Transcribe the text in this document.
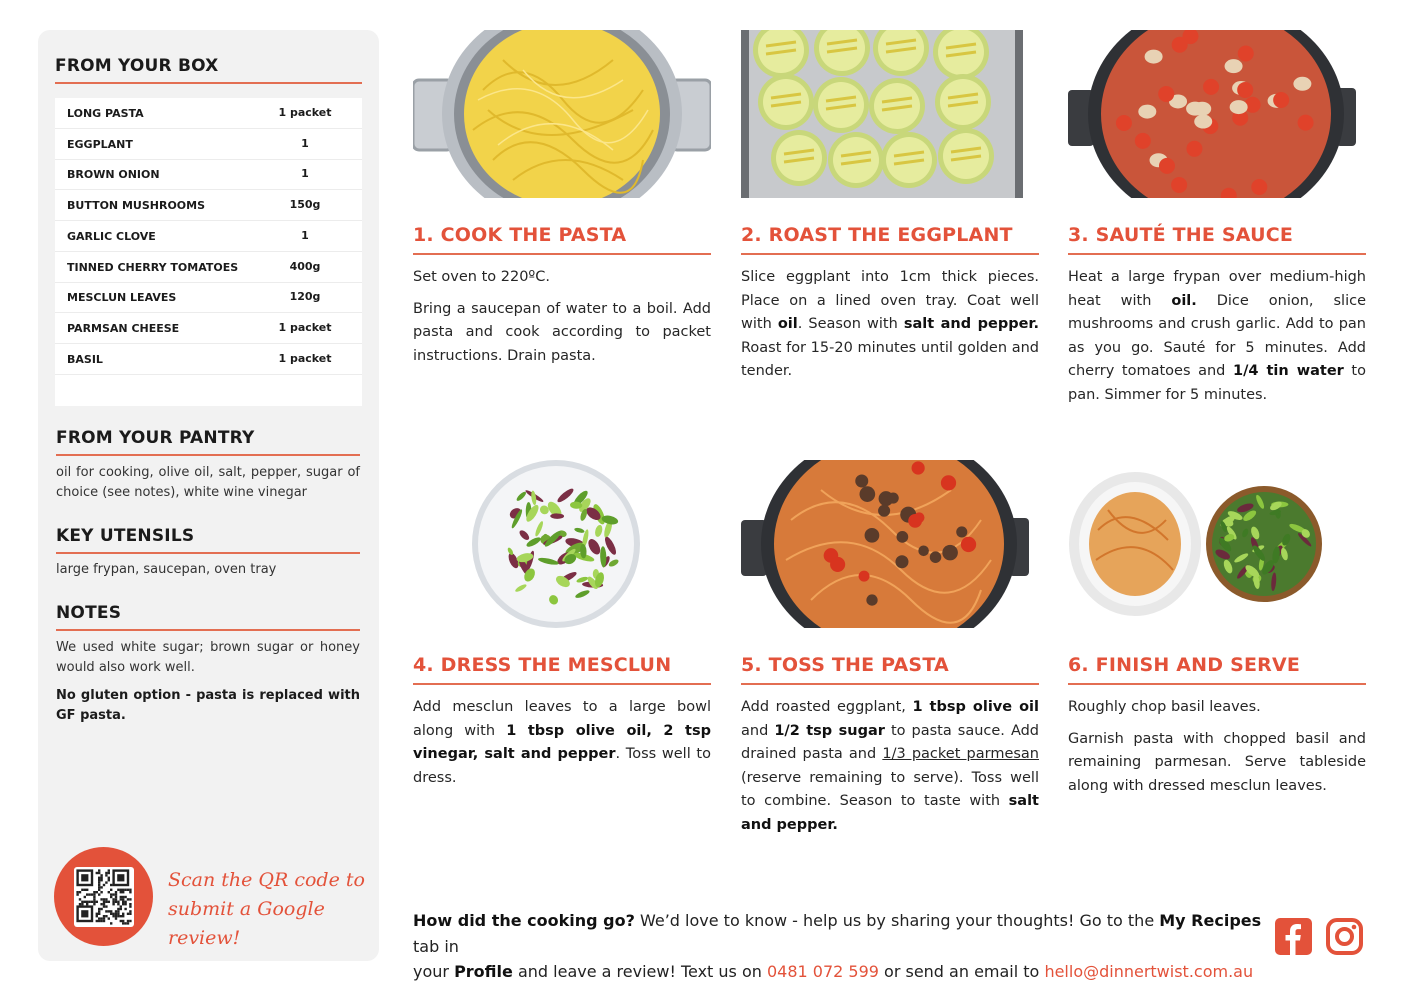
FROM YOUR BOX
LONG PASTA	1 packet
EGGPLANT	1
BROWN ONION	1
BUTTON MUSHROOMS	150g
GARLIC CLOVE	1
TINNED CHERRY TOMATOES	400g
MESCLUN LEAVES	120g
PARMSAN CHEESE	1 packet
BASIL	1 packet
FROM YOUR PANTRY
oil for cooking, olive oil, salt, pepper, sugar of choice (see notes), white wine vinegar
KEY UTENSILS
large frypan, saucepan, oven tray
NOTES
We used white sugar; brown sugar or honey would also work well.
No gluten option - pasta is replaced with GF pasta.
Scan the QR code to
submit a Google review!
1. COOK THE PASTA

Set oven to 220ºC.

Bring a saucepan of water to a boil. Add pasta and cook according to packet instructions. Drain pasta.

2. ROAST THE EGGPLANT

Slice eggplant into 1cm thick pieces. Place on a lined oven tray. Coat well with oil. Season with salt and pepper. Roast for 15-20 minutes until golden and tender.

3. SAUTÉ THE SAUCE

Heat a large frypan over medium-high heat with oil. Dice onion, slice mushrooms and crush garlic. Add to pan as you go. Sauté for 5 minutes. Add cherry tomatoes and 1/4 tin water to pan. Simmer for 5 minutes.

4. DRESS THE MESCLUN

Add mesclun leaves to a large bowl along with 1 tbsp olive oil, 2 tsp vinegar, salt and pepper. Toss well to dress.

5. TOSS THE PASTA

Add roasted eggplant, 1 tbsp olive oil and 1/2 tsp sugar to pasta sauce. Add drained pasta and 1/3 packet parmesan (reserve remaining to serve). Toss well to combine. Season to taste with salt and pepper.

6. FINISH AND SERVE

Roughly chop basil leaves.

Garnish pasta with chopped basil and remaining parmesan. Serve tableside along with dressed mesclun leaves.

How did the cooking go? We’d love to know - help us by sharing your thoughts! Go to the My Recipes tab in
your Profile and leave a review! Text us on 0481 072 599 or send an email to hello@dinnertwist.com.au
